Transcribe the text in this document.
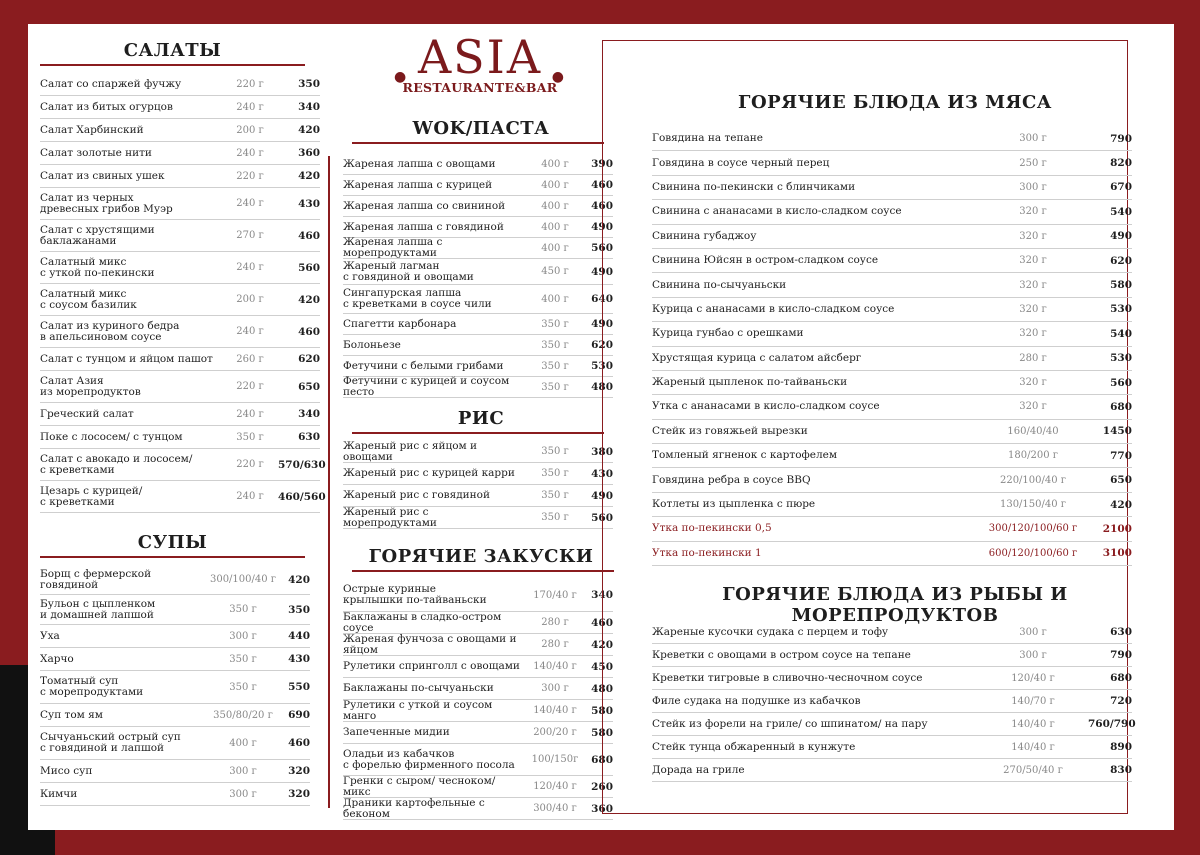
● ASIA ●
RESTAURANTE&BAR
САЛАТЫ
Салат со спаржей фучжу	220 г	350
Салат из битых огурцов	240 г	340
Салат Харбинский	200 г	420
Салат золотые нити	240 г	360
Салат из свиных ушек	220 г	420
Салат из черных
древесных грибов Муэр	240 г	430
Салат с хрустящими
баклажанами	270 г	460
Салатный микс
с уткой по-пекински	240 г	560
Салатный микс
с соусом базилик	200 г	420
Салат из куриного бедра
в апельсиновом соусе	240 г	460
Салат с тунцом и яйцом пашот	260 г	620
Салат Азия
из морепродуктов	220 г	650
Греческий салат	240 г	340
Поке с лососем/ с тунцом	350 г	630
Салат с авокадо и лососем/
с креветками	220 г	570/630
Цезарь с курицей/
с креветками	240 г	460/560
СУПЫ
Борщ с фермерской
говядиной	300/100/40 г	420
Бульон с цыпленком
и домашней лапшой	350 г	350
Уха	300 г	440
Харчо	350 г	430
Томатный суп
с морепродуктами	350 г	550
Суп том ям	350/80/20 г	690
Сычуаньский острый суп
с говядиной и лапшой	400 г	460
Мисо суп	300 г	320
Кимчи	300 г	320
WOK/ПАСТА
Жареная лапша с овощами	400 г	390
Жареная лапша с курицей	400 г	460
Жареная лапша со свининой	400 г	460
Жареная лапша с говядиной	400 г	490
Жареная лапша с морепродуктами	400 г	560
Жареный лагман
с говядиной и овощами	450 г	490
Сингапурская лапша
с креветками в соусе чили	400 г	640
Спагетти карбонара	350 г	490
Болоньезе	350 г	620
Фетучини с белыми грибами	350 г	530
Фетучини с курицей и соусом песто	350 г	480
РИС
Жареный рис с яйцом и овощами	350 г	380
Жареный рис с курицей карри	350 г	430
Жареный рис с говядиной	350 г	490
Жареный рис с морепродуктами	350 г	560
ГОРЯЧИЕ ЗАКУСКИ
Острые куриные
крылышки по-тайваньски	170/40 г	340
Баклажаны в сладко-остром соусе	280 г	460
Жареная фунчоза с овощами и яйцом	280 г	420
Рулетики спринголл с овощами	140/40 г	450
Баклажаны по-сычуаньски	300 г	480
Рулетики с уткой и соусом манго	140/40 г	580
Запеченные мидии	200/20 г	580
Оладьи из кабачков
с форелью фирменного посола	100/150г	680
Гренки с сыром/ чесноком/ микс	120/40 г	260
Драники картофельные с беконом	300/40 г	360
ГОРЯЧИЕ БЛЮДА ИЗ МЯСА
Говядина на тепане	300 г	790
Говядина в соусе черный перец	250 г	820
Свинина по-пекински с блинчиками	300 г	670
Свинина с ананасами в кисло-сладком соусе	320 г	540
Свинина губаджоу	320 г	490
Свинина Юйсян в остром-сладком соусе	320 г	620
Свинина по-сычуаньски	320 г	580
Курица с ананасами в кисло-сладком соусе	320 г	530
Курица гунбао с орешками	320 г	540
Хрустящая курица с салатом айсберг	280 г	530
Жареный цыпленок по-тайваньски	320 г	560
Утка с ананасами в кисло-сладком соусе	320 г	680
Стейк из говяжьей вырезки	160/40/40	1450
Томленый ягненок с картофелем	180/200 г	770
Говядина ребра в соусе BBQ	220/100/40 г	650
Котлеты из цыпленка с пюре	130/150/40 г	420
Утка по-пекински 0,5	300/120/100/60 г	2100
Утка по-пекински 1	600/120/100/60 г	3100
ГОРЯЧИЕ БЛЮДА ИЗ РЫБЫ И МОРЕПРОДУКТОВ
Жареные кусочки судака с перцем и тофу	300 г	630
Креветки с овощами в остром соусе на тепане	300 г	790
Креветки тигровые в сливочно-чесночном соусе	120/40 г	680
Филе судака на подушке из кабачков	140/70 г	720
Стейк из форели на гриле/ со шпинатом/ на пару	140/40 г	760/790
Стейк тунца обжаренный в кунжуте	140/40 г	890
Дорада на гриле	270/50/40 г	830
